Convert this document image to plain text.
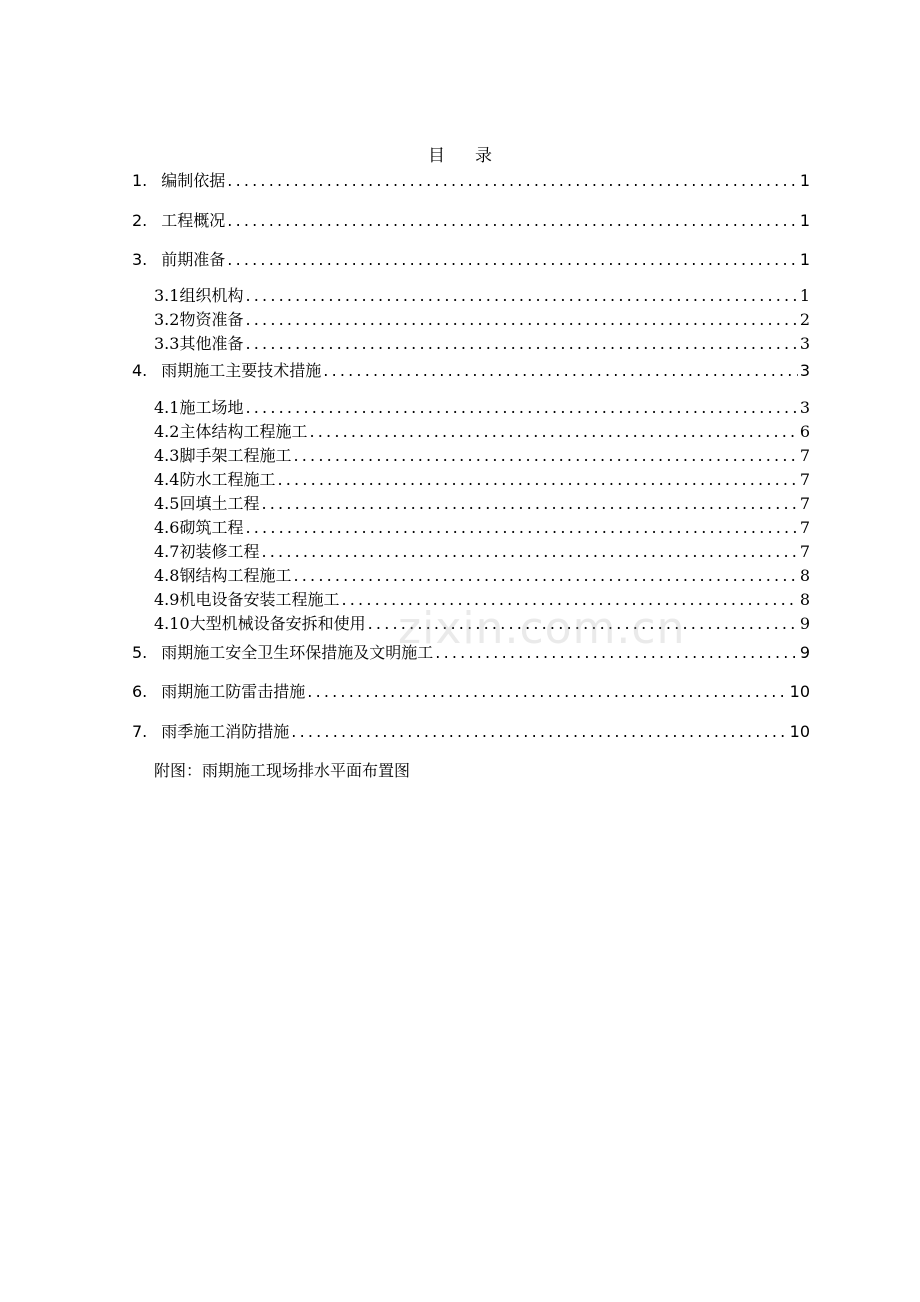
目 录
1. 编制依据 .....	1
2. 工程概况 .....	1
3. 前期准备 .....	1
3.1 组织机构 .....	1
3.2 物资准备 .....	2
3.3 其他准备 .....	3
4. 雨期施工主要技术措施 .....	3
4.1 施工场地 .....	3
4.2 主体结构工程施工 .....	6
4.3 脚手架工程施工 .....	7
4.4 防水工程施工 .....	7
4.5 回填土工程 .....	7
4.6 砌筑工程 .....	7
4.7 初装修工程 .....	7
4.8 钢结构工程施工 .....	8
4.9 机电设备安装工程施工 .....	8
4.10 大型机械设备安拆和使用 .....	9
5. 雨期施工安全卫生环保措施及文明施工 .....	9
6. 雨期施工防雷击措施 .....	10
7. 雨季施工消防措施 .....	10
附图：雨期施工现场排水平面布置图
zixin.com.cn
